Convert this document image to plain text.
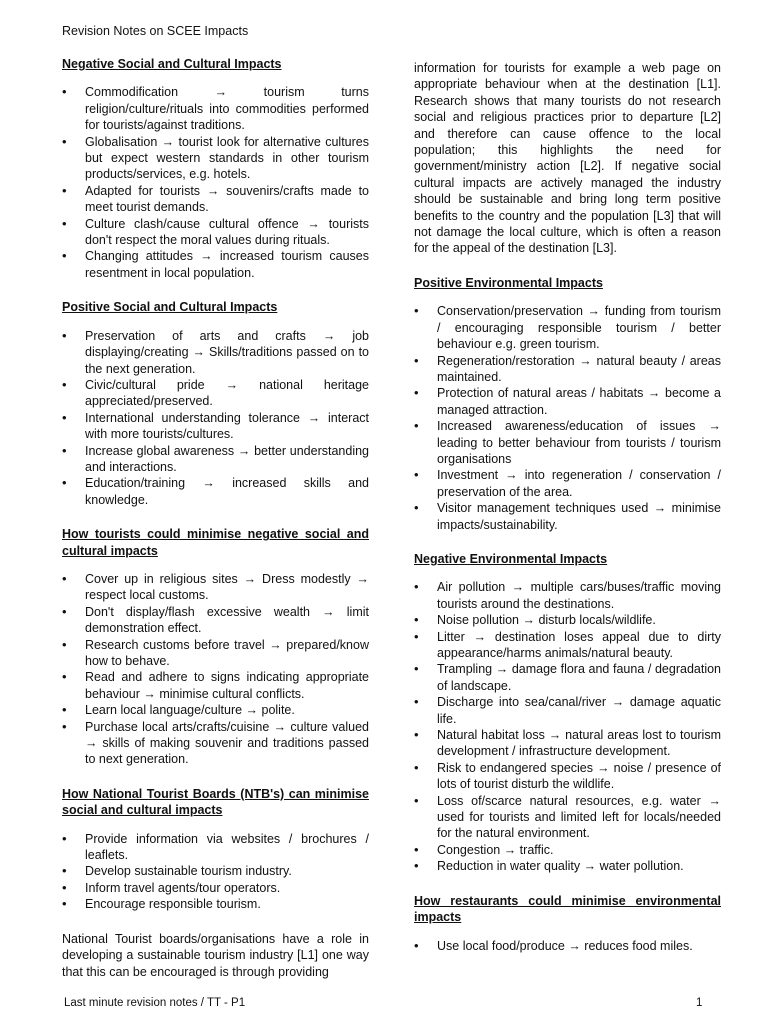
Revision Notes on SCEE Impacts
Negative Social and Cultural Impacts
• Commodification → tourism turns religion/culture/rituals into commodities performed for tourists/against traditions.
• Globalisation → tourist look for alternative cultures but expect western standards in other tourism products/services, e.g. hotels.
• Adapted for tourists → souvenirs/crafts made to meet tourist demands.
• Culture clash/cause cultural offence → tourists don't respect the moral values during rituals.
• Changing attitudes → increased tourism causes resentment in local population.
Positive Social and Cultural Impacts
• Preservation of arts and crafts → job displaying/creating → Skills/traditions passed on to the next generation.
• Civic/cultural pride → national heritage appreciated/preserved.
• International understanding tolerance → interact with more tourists/cultures.
• Increase global awareness → better understanding and interactions.
• Education/training → increased skills and knowledge.
How tourists could minimise negative social and cultural impacts
• Cover up in religious sites → Dress modestly → respect local customs.
• Don't display/flash excessive wealth → limit demonstration effect.
• Research customs before travel → prepared/know how to behave.
• Read and adhere to signs indicating appropriate behaviour → minimise cultural conflicts.
• Learn local language/culture → polite.
• Purchase local arts/crafts/cuisine → culture valued → skills of making souvenir and traditions passed to next generation.
How National Tourist Boards (NTB's) can minimise social and cultural impacts
• Provide information via websites / brochures / leaflets.
• Develop sustainable tourism industry.
• Inform travel agents/tour operators.
• Encourage responsible tourism.

National Tourist boards/organisations have a role in developing a sustainable tourism industry [L1] one way that this can be encouraged is through providing

information for tourists for example a web page on appropriate behaviour when at the destination [L1]. Research shows that many tourists do not research social and religious practices prior to departure [L2] and therefore can cause offence to the local population; this highlights the need for government/ministry action [L2]. If negative social cultural impacts are actively managed the industry should be sustainable and bring long term positive benefits to the country and the population [L3] that will not damage the local culture, which is often a reason for the appeal of the destination [L3].

Positive Environmental Impacts
• Conservation/preservation → funding from tourism / encouraging responsible tourism / better behaviour e.g. green tourism.
• Regeneration/restoration → natural beauty / areas maintained.
• Protection of natural areas / habitats → become a managed attraction.
• Increased awareness/education of issues → leading to better behaviour from tourists / tourism organisations
• Investment → into regeneration / conservation / preservation of the area.
• Visitor management techniques used → minimise impacts/sustainability.
Negative Environmental Impacts
• Air pollution → multiple cars/buses/traffic moving tourists around the destinations.
• Noise pollution → disturb locals/wildlife.
• Litter → destination loses appeal due to dirty appearance/harms animals/natural beauty.
• Trampling → damage flora and fauna / degradation of landscape.
• Discharge into sea/canal/river → damage aquatic life.
• Natural habitat loss → natural areas lost to tourism development / infrastructure development.
• Risk to endangered species → noise / presence of lots of tourist disturb the wildlife.
• Loss of/scarce natural resources, e.g. water → used for tourists and limited left for locals/needed for the natural environment.
• Congestion → traffic.
• Reduction in water quality → water pollution.
How restaurants could minimise environmental impacts
• Use local food/produce → reduces food miles.
Last minute revision notes / TT - P1	1
